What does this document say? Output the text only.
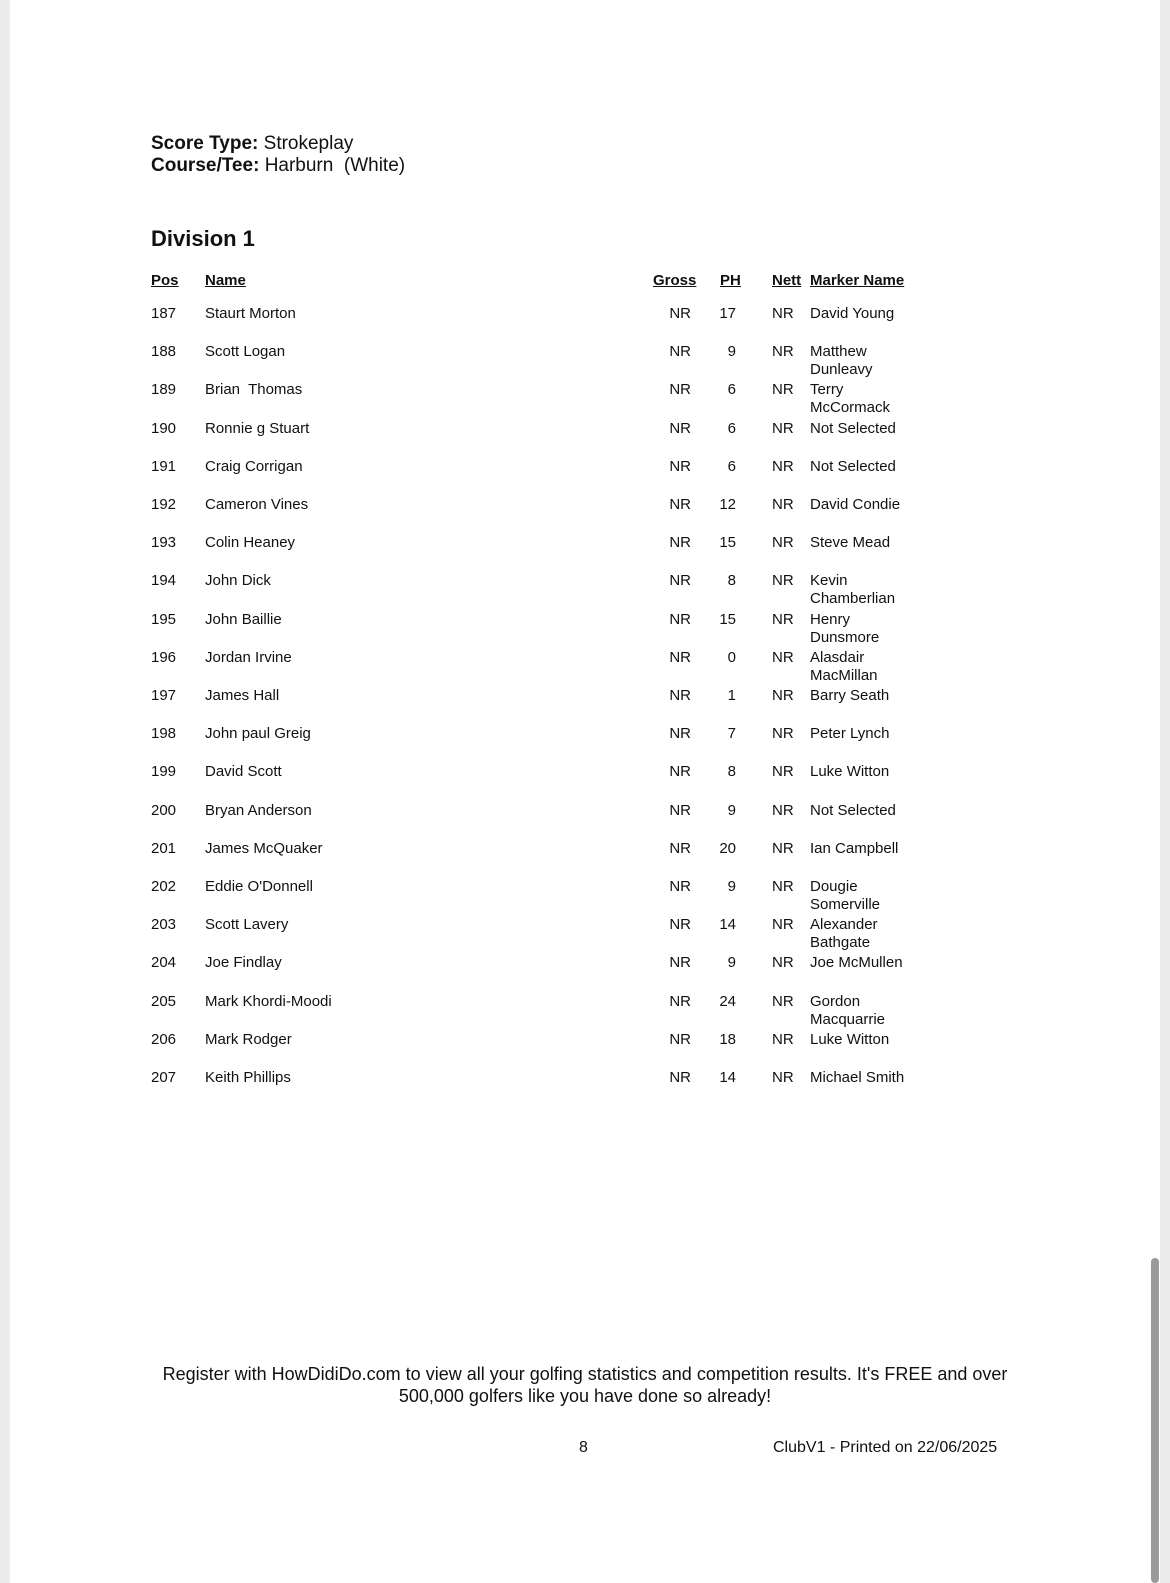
Score Type: Strokeplay
Course/Tee: Harburn  (White)
Division 1
Pos Name	Gross PH Nett Marker Name
187 Staurt Morton	NR	17 NR David Young
188 Scott Logan	NR	9 NR Matthew Dunleavy
189 Brian  Thomas	NR	6 NR Terry McCormack
190 Ronnie g Stuart	NR	6 NR Not Selected
191 Craig Corrigan	NR	6 NR Not Selected
192 Cameron Vines	NR	12 NR David Condie
193 Colin Heaney	NR	15 NR Steve Mead
194 John Dick	NR	8 NR Kevin Chamberlian
195 John Baillie	NR	15 NR Henry Dunsmore
196 Jordan Irvine	NR	0 NR Alasdair MacMillan
197 James Hall	NR	1 NR Barry Seath
198 John paul Greig	NR	7 NR Peter Lynch
199 David Scott	NR	8 NR Luke Witton
200 Bryan Anderson	NR	9 NR Not Selected
201 James McQuaker	NR	20 NR Ian Campbell
202 Eddie O'Donnell	NR	9 NR Dougie Somerville
203 Scott Lavery	NR	14 NR Alexander Bathgate
204 Joe Findlay	NR	9 NR Joe McMullen
205 Mark Khordi-Moodi	NR	24 NR Gordon Macquarrie
206 Mark Rodger	NR	18 NR Luke Witton
207 Keith Phillips	NR	14 NR Michael Smith
Register with HowDidiDo.com to view all your golfing statistics and competition results. It's FREE and over 500,000 golfers like you have done so already!
8	ClubV1 - Printed on 22/06/2025
